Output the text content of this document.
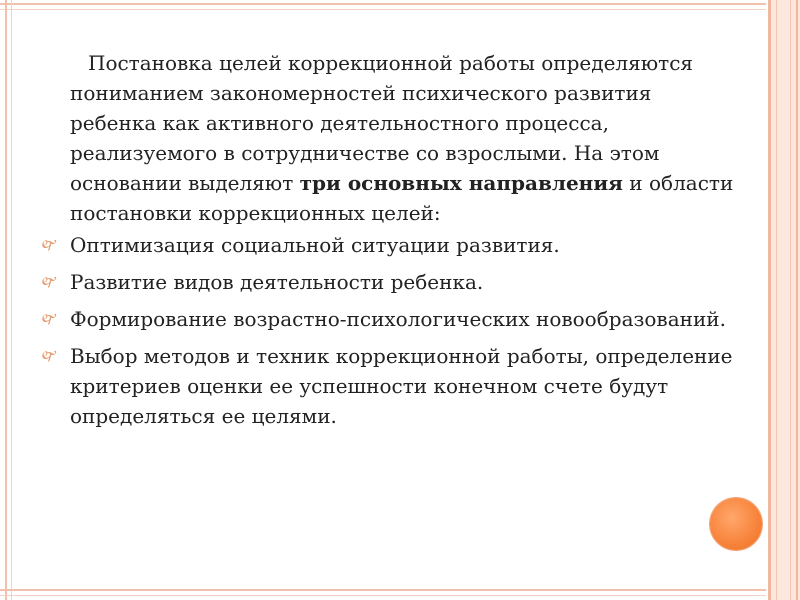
Постановка целей коррекционной работы определяются пониманием закономерностей психического развития ребенка как активного деятельностного процесса, реализуемого в сотрудничестве со взрослыми. На этом основании выделяют три основных направления и области постановки коррекционных целей:

🙰 Оптимизация социальной ситуации развития.
🙰 Развитие видов деятельности ребенка.
🙰 Формирование возрастно-психологических новообразований.
🙰 Выбор методов и техник коррекционной работы, определение критериев оценки ее успешности конечном счете будут определяться ее целями.
